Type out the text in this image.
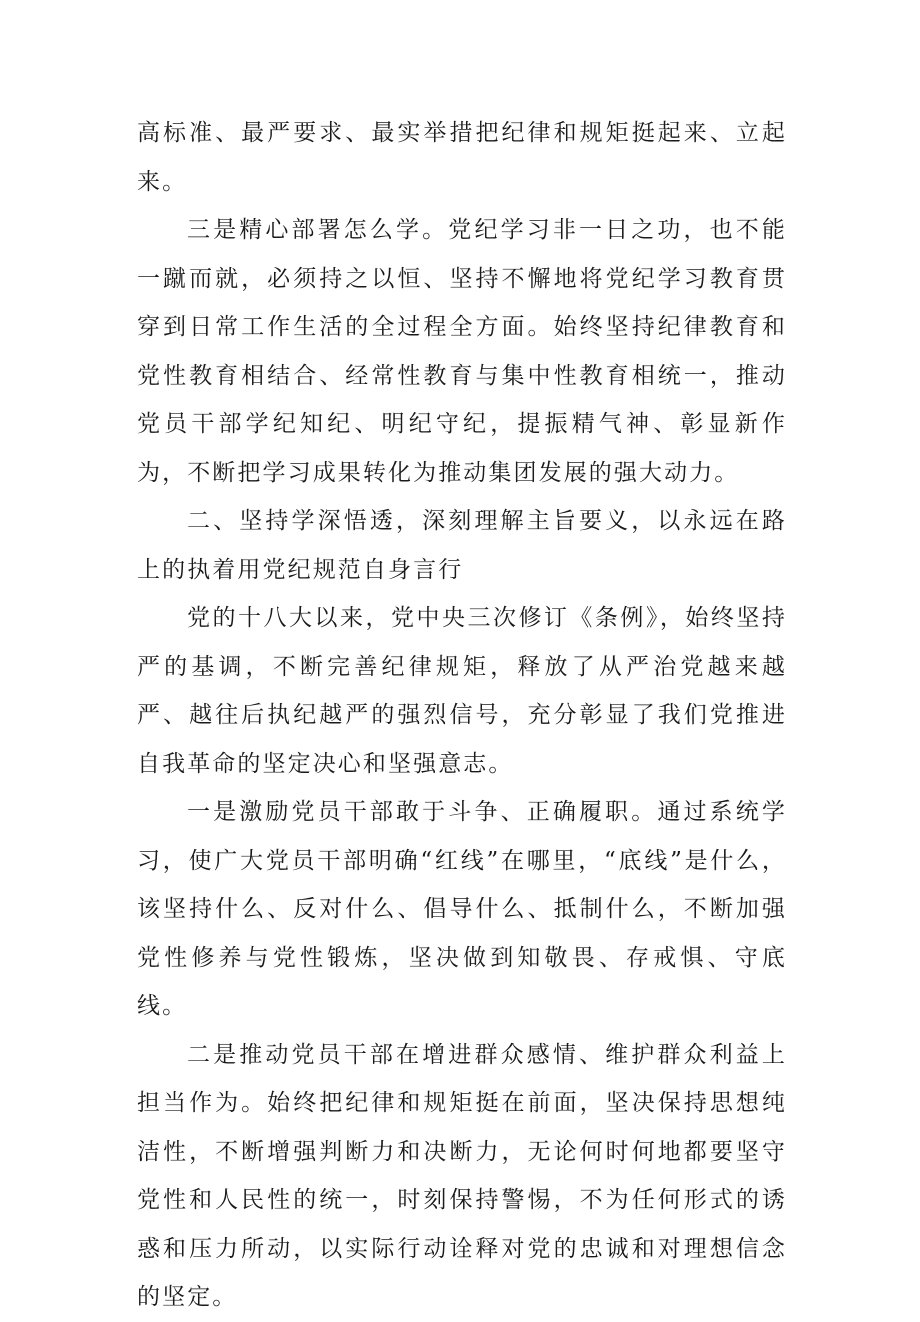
高标准、最严要求、最实举措把纪律和规矩挺起来、立起来。

三是精心部署怎么学。党纪学习非一日之功，也不能一蹴而就，必须持之以恒、坚持不懈地将党纪学习教育贯穿到日常工作生活的全过程全方面。始终坚持纪律教育和党性教育相结合、经常性教育与集中性教育相统一，推动党员干部学纪知纪、明纪守纪，提振精气神、彰显新作为，不断把学习成果转化为推动集团发展的强大动力。

二、坚持学深悟透，深刻理解主旨要义，以永远在路上的执着用党纪规范自身言行

党的十八大以来，党中央三次修订《条例》，始终坚持严的基调，不断完善纪律规矩，释放了从严治党越来越严、越往后执纪越严的强烈信号，充分彰显了我们党推进自我革命的坚定决心和坚强意志。

一是激励党员干部敢于斗争、正确履职。通过系统学习，使广大党员干部明确“红线”在哪里，“底线”是什么，该坚持什么、反对什么、倡导什么、抵制什么，不断加强党性修养与党性锻炼，坚决做到知敬畏、存戒惧、守底线。

二是推动党员干部在增进群众感情、维护群众利益上担当作为。始终把纪律和规矩挺在前面，坚决保持思想纯洁性，不断增强判断力和决断力，无论何时何地都要坚守党性和人民性的统一，时刻保持警惕，不为任何形式的诱惑和压力所动，以实际行动诠释对党的忠诚和对理想信念的坚定。
